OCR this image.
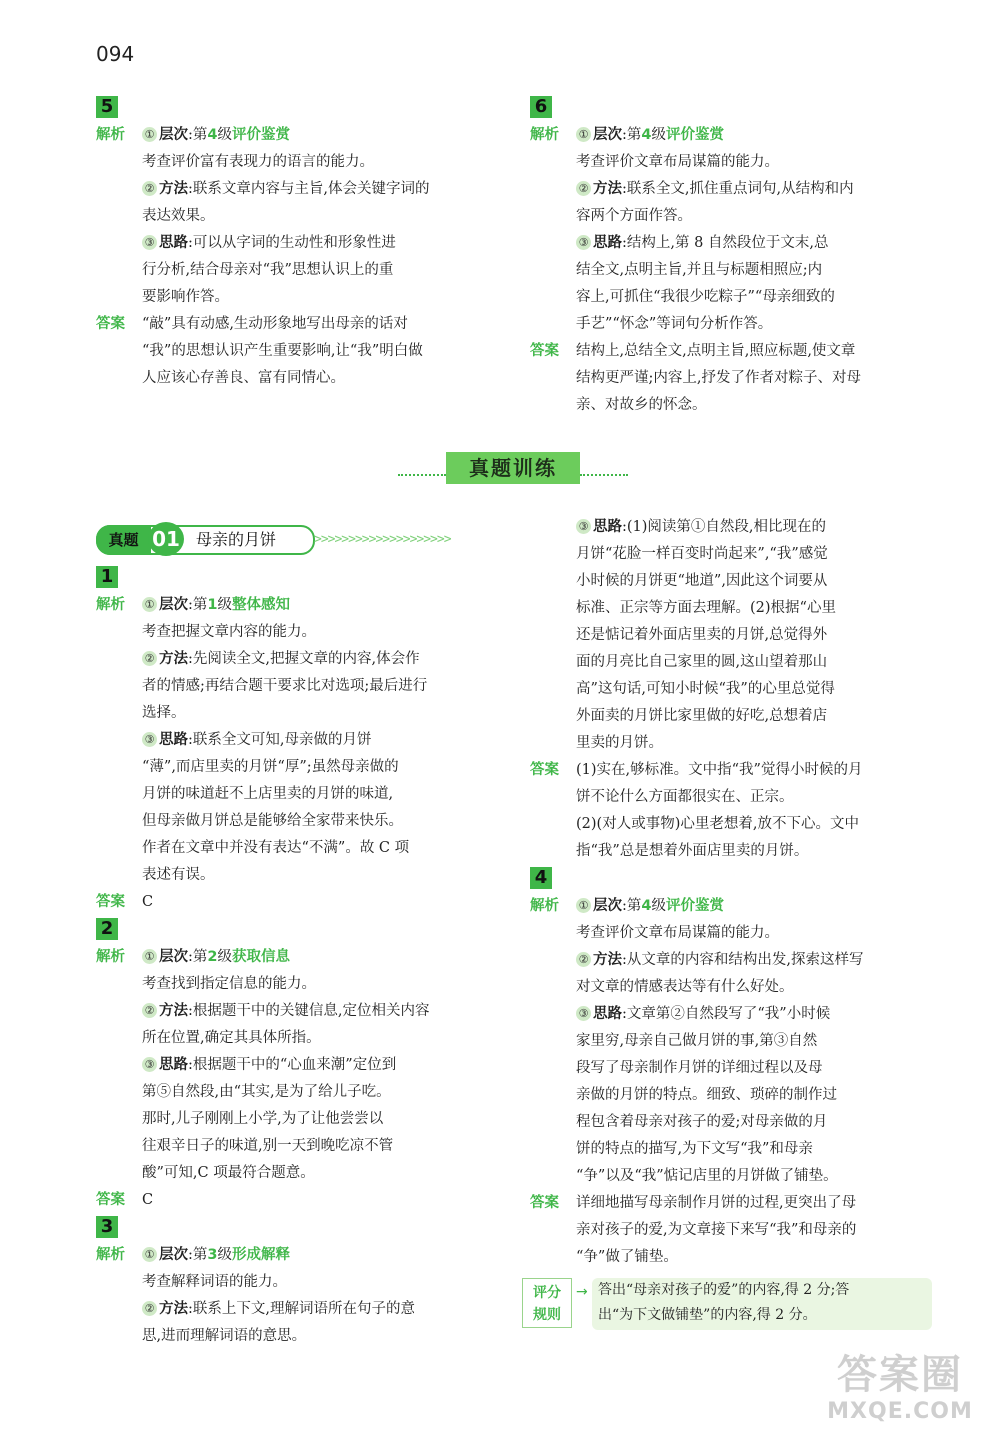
094
5
解析	① 层次:第4级评价鉴赏
考查评价富有表现力的语言的能力。
② 方法:联系文章内容与主旨,体会关键字词的
表达效果。
③ 思路:可以从字词的生动性和形象性进
行分析,结合母亲对“我”思想认识上的重
要影响作答。
答案	“敲”具有动感,生动形象地写出母亲的话对
“我”的思想认识产生重要影响,让“我”明白做
人应该心存善良、富有同情心。
6
解析	① 层次:第4级评价鉴赏
考查评价文章布局谋篇的能力。
② 方法:联系全文,抓住重点词句,从结构和内
容两个方面作答。
③ 思路:结构上,第 8 自然段位于文末,总
结全文,点明主旨,并且与标题相照应;内
容上,可抓住“我很少吃粽子”“母亲细致的
手艺”“怀念”等词句分析作答。
答案	结构上,总结全文,点明主旨,照应标题,使文章
结构更严谨;内容上,抒发了作者对粽子、对母
亲、对故乡的怀念。
真题训练
真题 01 母亲的月饼	>>>>>>>>>>>>>>>>>>>>
1
解析	① 层次:第1级整体感知
考查把握文章内容的能力。
② 方法:先阅读全文,把握文章的内容,体会作
者的情感;再结合题干要求比对选项;最后进行
选择。
③ 思路:联系全文可知,母亲做的月饼
“薄”,而店里卖的月饼“厚”;虽然母亲做的
月饼的味道赶不上店里卖的月饼的味道,
但母亲做月饼总是能够给全家带来快乐。
作者在文章中并没有表达“不满”。故 C 项
表述有误。
答案	C
2
解析	① 层次:第2级获取信息
考查找到指定信息的能力。
② 方法:根据题干中的关键信息,定位相关内容
所在位置,确定其具体所指。
③ 思路:根据题干中的“心血来潮”定位到
第⑤自然段,由“其实,是为了给儿子吃。
那时,儿子刚刚上小学,为了让他尝尝以
往艰辛日子的味道,别一天到晚吃凉不管
酸”可知,C 项最符合题意。
答案	C
3
解析	① 层次:第3级形成解释
考查解释词语的能力。
② 方法:联系上下文,理解词语所在句子的意
思,进而理解词语的意思。
③ 思路:(1)阅读第①自然段,相比现在的
月饼“花脸一样百变时尚起来”,“我”感觉
小时候的月饼更“地道”,因此这个词要从
标准、正宗等方面去理解。(2)根据“心里
还是惦记着外面店里卖的月饼,总觉得外
面的月亮比自己家里的圆,这山望着那山
高”这句话,可知小时候“我”的心里总觉得
外面卖的月饼比家里做的好吃,总想着店
里卖的月饼。
答案	(1)实在,够标准。文中指“我”觉得小时候的月
饼不论什么方面都很实在、正宗。
(2)(对人或事物)心里老想着,放不下心。文中
指“我”总是想着外面店里卖的月饼。
4
解析	① 层次:第4级评价鉴赏
考查评价文章布局谋篇的能力。
② 方法:从文章的内容和结构出发,探索这样写
对文章的情感表达等有什么好处。
③ 思路:文章第②自然段写了“我”小时候
家里穷,母亲自己做月饼的事,第③自然
段写了母亲制作月饼的详细过程以及母
亲做的月饼的特点。细致、琐碎的制作过
程包含着母亲对孩子的爱;对母亲做的月
饼的特点的描写,为下文写“我”和母亲
“争”以及“我”惦记店里的月饼做了铺垫。
答案	详细地描写母亲制作月饼的过程,更突出了母
亲对孩子的爱,为文章接下来写“我”和母亲的
“争”做了铺垫。
评分
规则
→ 答出“母亲对孩子的爱”的内容,得 2 分;答
出“为下文做铺垫”的内容,得 2 分。
答案圈
MXQE.COM
